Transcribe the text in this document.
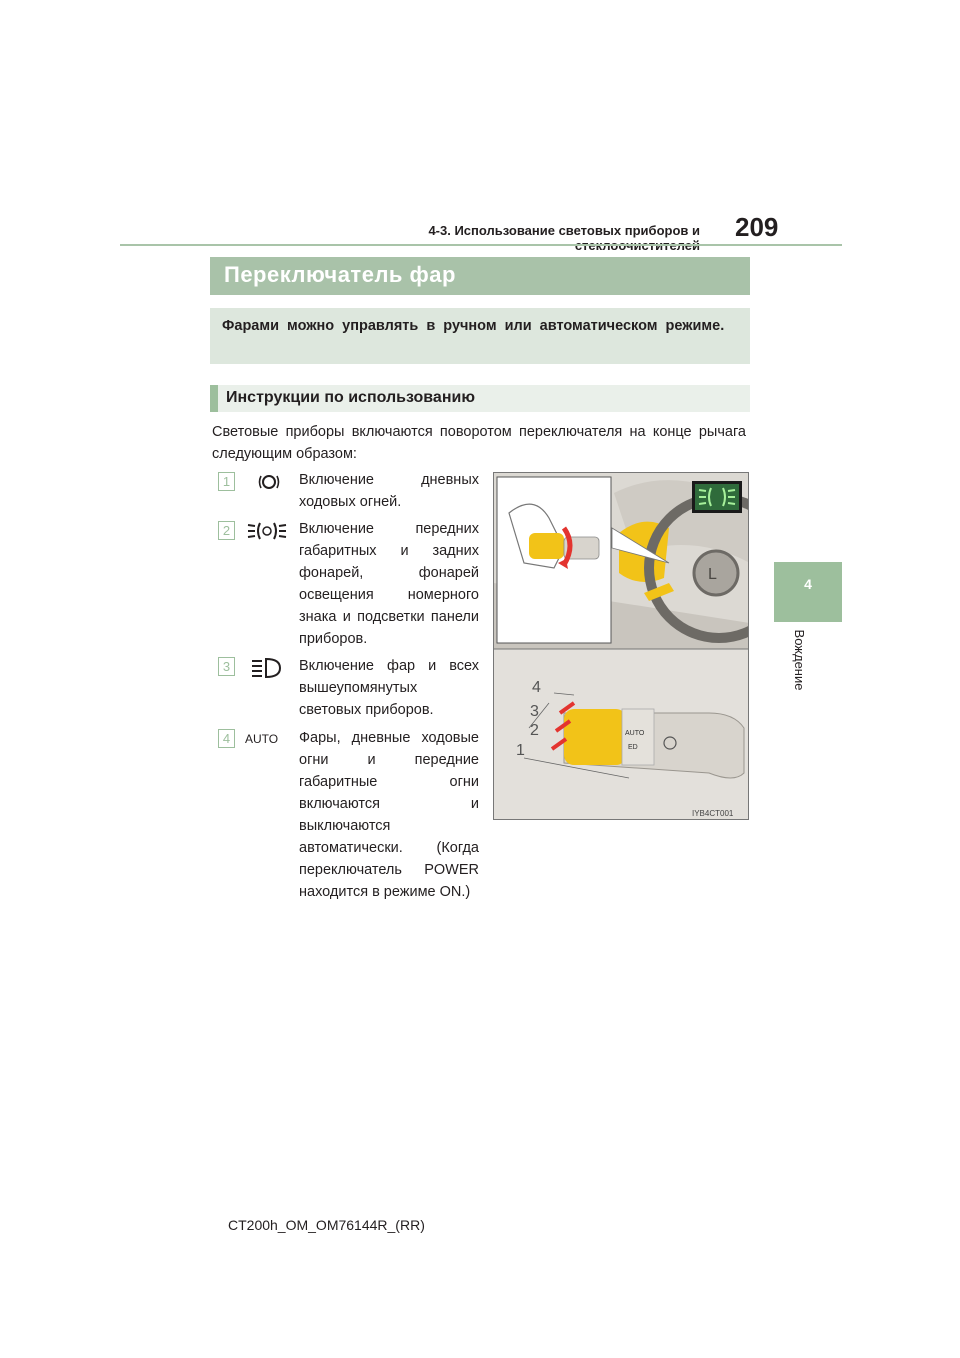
4-3. Использование световых приборов и 209
4
Вождение
Переключатель фар
Фарами можно управлять в ручном или автоматическом режиме.
Инструкции по использованию
Световые приборы включаются поворотом переключателя на конце рычага следующим образом:
1	Включение дневных ходовых огней.
2	Включение передних габаритных и задних фонарей, фонарей освещения номерного знака и подсветки панели приборов.
3	Включение фар и всех вышеупомянутых световых приборов.
4	AUTO Фары, дневные ходовые огни и передние габаритные огни включаются и выключаются автоматически. (Когда переключатель POWER находится в режиме ON.)
L
AUTO
ED
4
3
2
1
IYB4CT001
CT200h_OM_OM76144R_(RR)
